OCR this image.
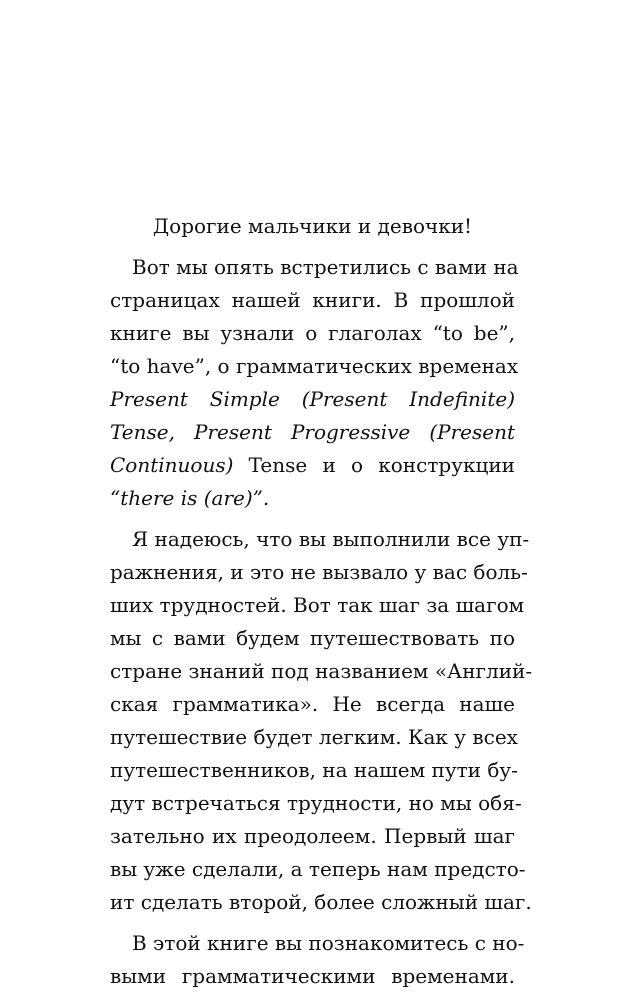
Дорогие мальчики и девочки!
Вот мы опять встретились с вами на
страницах нашей книги. В прошлой
книге вы узнали о глаголах “to be”,
“to have”, о грамматических временах
Present Simple (Present Indefinite)
Tense, Present Progressive (Present
Continuous) Tense и о конструкции
“there is (are)”.
Я надеюсь, что вы выполнили все уп-
ражнения, и это не вызвало у вас боль-
ших трудностей. Вот так шаг за шагом
мы с вами будем путешествовать по
стране знаний под названием «Англий-
ская грамматика». Не всегда наше
путешествие будет легким. Как у всех
путешественников, на нашем пути бу-
дут встречаться трудности, но мы обя-
зательно их преодолеем. Первый шаг
вы уже сделали, а теперь нам предсто-
ит сделать второй, более сложный шаг.
В этой книге вы познакомитесь с но-
выми грамматическими временами.
